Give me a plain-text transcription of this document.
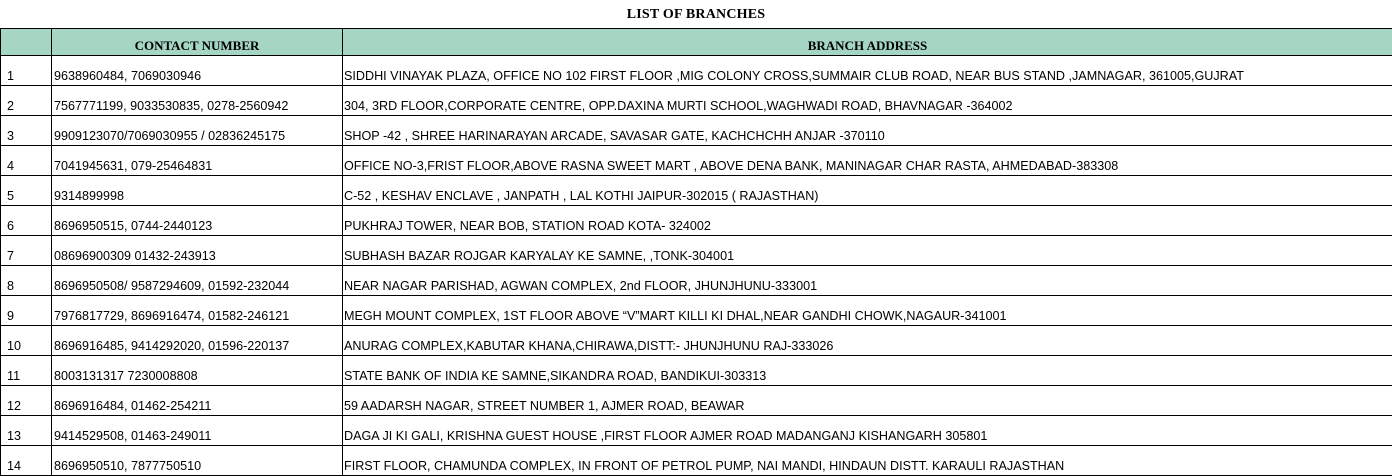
LIST OF BRANCHES
	CONTACT NUMBER	BRANCH ADDRESS
1	9638960484, 7069030946	SIDDHI VINAYAK PLAZA, OFFICE NO 102 FIRST FLOOR ,MIG COLONY CROSS,SUMMAIR CLUB ROAD, NEAR BUS STAND ,JAMNAGAR, 361005,GUJRAT
2	7567771199, 9033530835, 0278-2560942	304, 3RD FLOOR,CORPORATE CENTRE, OPP.DAXINA MURTI SCHOOL,WAGHWADI ROAD, BHAVNAGAR -364002
3	9909123070/7069030955 / 02836245175	SHOP -42 , SHREE HARINARAYAN ARCADE, SAVASAR GATE, KACHCHCHH ANJAR -370110
4	7041945631, 079-25464831	OFFICE NO-3,FRIST FLOOR,ABOVE RASNA SWEET MART , ABOVE DENA BANK, MANINAGAR CHAR RASTA, AHMEDABAD-383308
5	9314899998	C-52 , KESHAV ENCLAVE , JANPATH , LAL KOTHI JAIPUR-302015 ( RAJASTHAN)
6	8696950515, 0744-2440123	PUKHRAJ TOWER, NEAR BOB, STATION ROAD KOTA- 324002
7	08696900309 01432-243913	SUBHASH BAZAR ROJGAR KARYALAY KE SAMNE, ,TONK-304001
8	8696950508/ 9587294609, 01592-232044	NEAR NAGAR PARISHAD, AGWAN COMPLEX, 2nd FLOOR, JHUNJHUNU-333001
9	7976817729, 8696916474, 01582-246121	MEGH MOUNT COMPLEX, 1ST FLOOR ABOVE “V”MART KILLI KI DHAL,NEAR GANDHI CHOWK,NAGAUR-341001
10	8696916485, 9414292020, 01596-220137	ANURAG COMPLEX,KABUTAR KHANA,CHIRAWA,DISTT:- JHUNJHUNU RAJ-333026
11	8003131317 7230008808	STATE BANK OF INDIA KE SAMNE,SIKANDRA ROAD, BANDIKUI-303313
12	8696916484, 01462-254211	59 AADARSH NAGAR, STREET NUMBER 1, AJMER ROAD, BEAWAR
13	9414529508, 01463-249011	DAGA JI KI GALI, KRISHNA GUEST HOUSE ,FIRST FLOOR AJMER ROAD MADANGANJ KISHANGARH 305801
14	8696950510, 7877750510	FIRST FLOOR, CHAMUNDA COMPLEX, IN FRONT OF PETROL PUMP, NAI MANDI, HINDAUN DISTT. KARAULI RAJASTHAN
